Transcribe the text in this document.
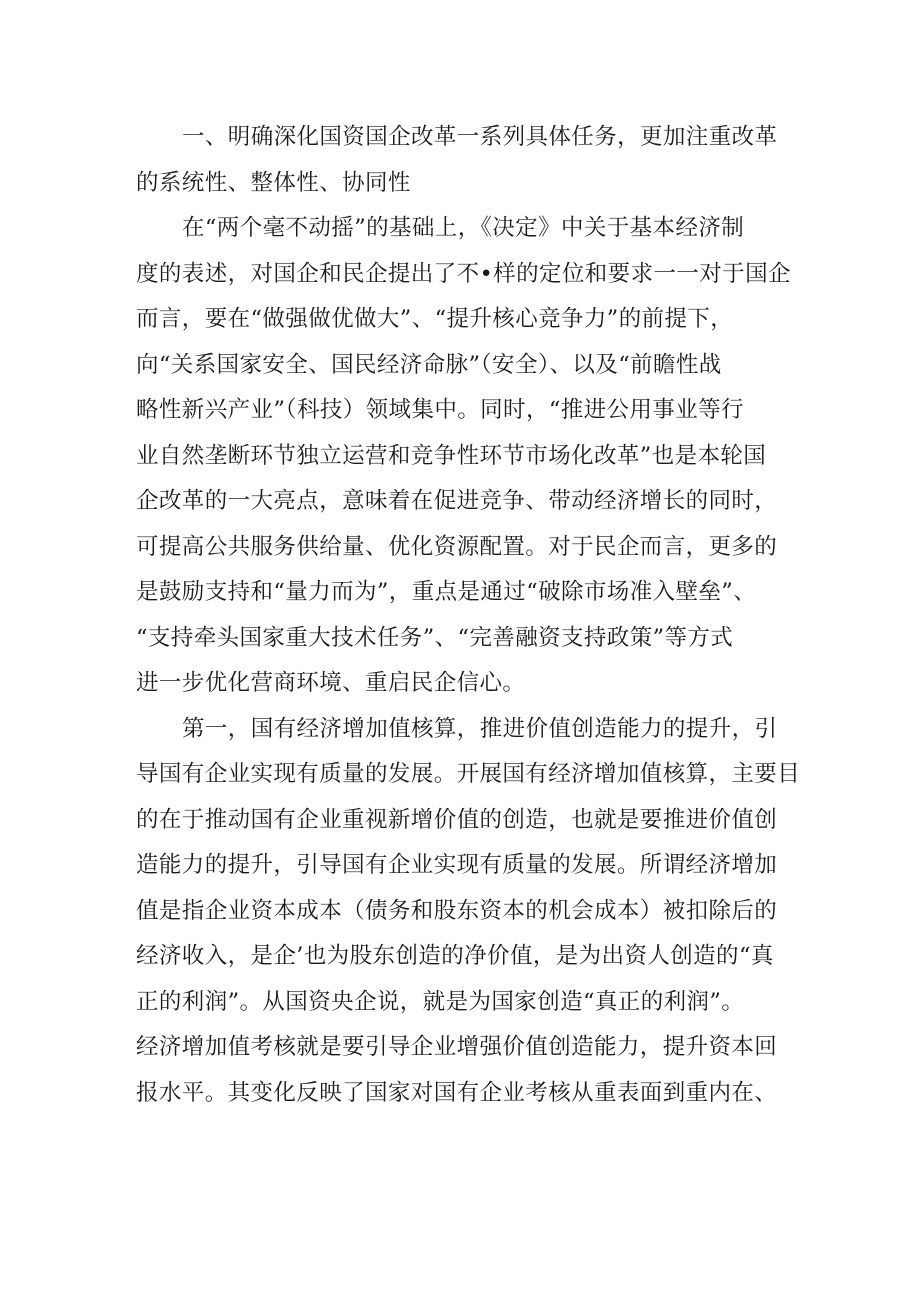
一、明确深化国资国企改革一系列具体任务，更加注重改革
的系统性、整体性、协同性

在“两个毫不动摇”的基础上，《决定》中关于基本经济制
度的表述，对国企和民企提出了不•样的定位和要求一一对于国企
而言，要在“做强做优做大”、“提升核心竞争力”的前提下，
向“关系国家安全、国民经济命脉”（安全）、以及“前瞻性战
略性新兴产业”（科技）领域集中。同时，“推进公用事业等行
业自然垄断环节独立运营和竞争性环节市场化改革”也是本轮国
企改革的一大亮点，意味着在促进竞争、带动经济增长的同时，
可提高公共服务供给量、优化资源配置。对于民企而言，更多的
是鼓励支持和“量力而为”，重点是通过“破除市场准入壁垒”、
“支持牵头国家重大技术任务”、“完善融资支持政策”等方式
进一步优化营商环境、重启民企信心。

第一，国有经济增加值核算，推进价值创造能力的提升，引
导国有企业实现有质量的发展。开展国有经济增加值核算，主要目
的在于推动国有企业重视新增价值的创造，也就是要推进价值创
造能力的提升，引导国有企业实现有质量的发展。所谓经济增加
值是指企业资本成本（债务和股东资本的机会成本）被扣除后的
经济收入，是企’也为股东创造的净价值，是为出资人创造的“真
正的利润”。从国资央企说，就是为国家创造“真正的利润”。
经济增加值考核就是要引导企业增强价值创造能力，提升资本回
报水平。其变化反映了国家对国有企业考核从重表面到重内在、
